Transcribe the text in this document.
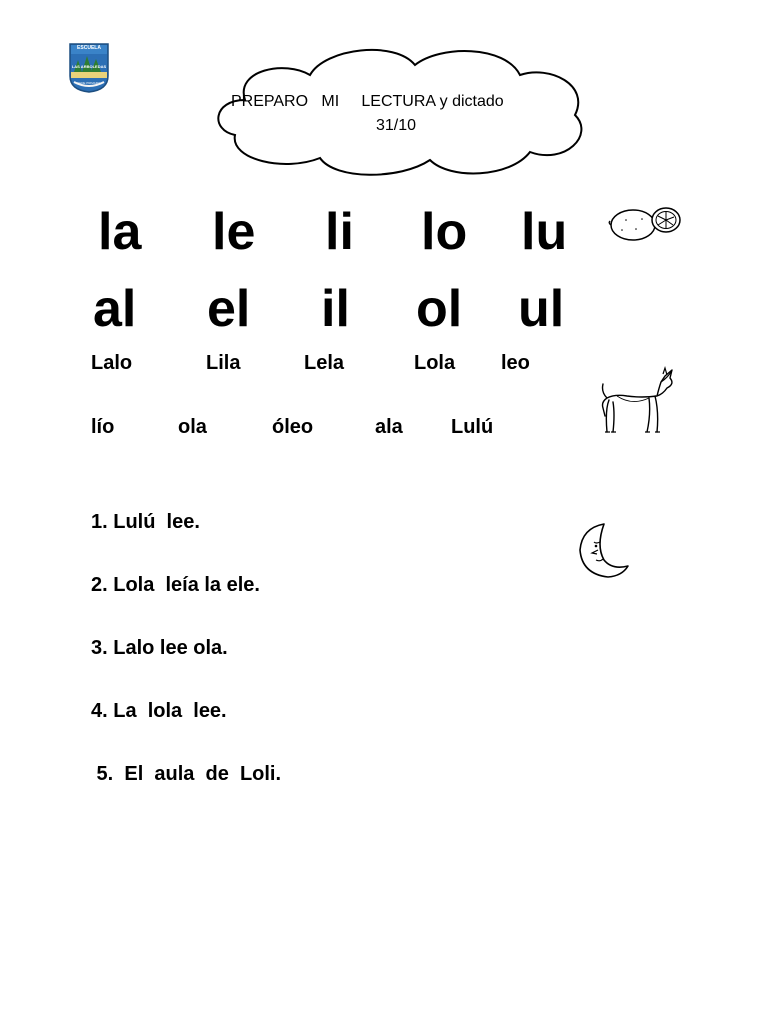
ESCUELA
LAS ARBOLEDAS
SEDE PRIMARIA
PREPARO   MI     LECTURA y dictado
31/10
la le li lo lu
al el il ol ul
Lalo	Lila	Lela	Lola leo
lío	ola	óleo	ala Lulú
1. Lulú  lee.
2. Lola  leía la ele.
3. Lalo lee ola.
4. La  lola  lee.
5.  El  aula  de  Loli.
